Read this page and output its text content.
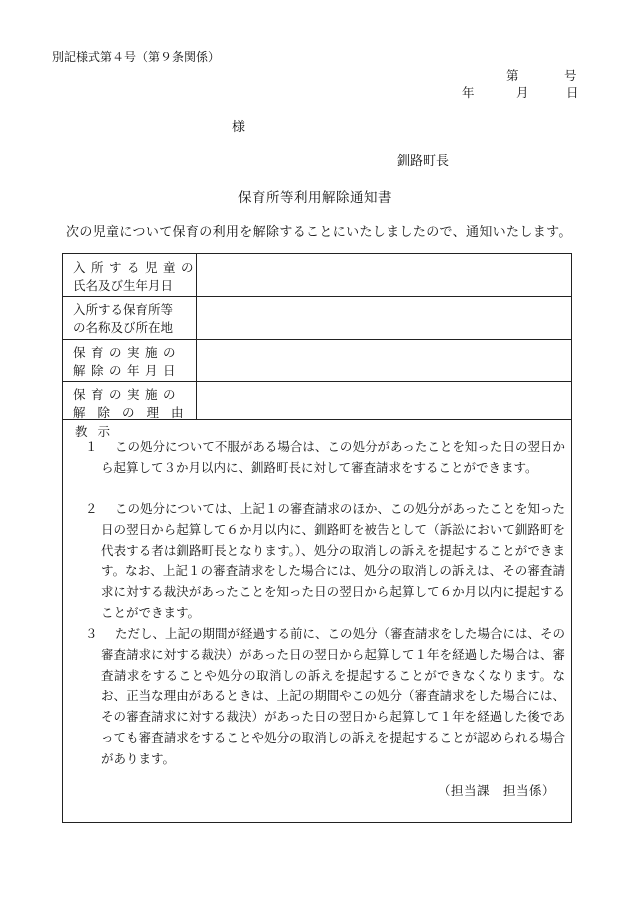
別記様式第４号（第９条関係）
第	号
年	月	日
様
釧路町長
保育所等利用解除通知書
次の児童について保育の利用を解除することにいたしましたので、通知いたします。
入所する児童の
氏名及び生年月日
入所する保育所等
の名称及び所在地
保育の実施の
解除の年月日
保育の実施の
解除の理由
教示
１	この処分について不服がある場合は、この処分があったことを知った日の翌日から起算して３か月以内に、釧路町長に対して審査請求をすることができます。
２	この処分については、上記１の審査請求のほか、この処分があったことを知った日の翌日から起算して６か月以内に、釧路町を被告として（訴訟において釧路町を代表する者は釧路町長となります。）、処分の取消しの訴えを提起することができます。なお、上記１の審査請求をした場合には、処分の取消しの訴えは、その審査請求に対する裁決があったことを知った日の翌日から起算して６か月以内に提起することができます。
３	ただし、上記の期間が経過する前に、この処分（審査請求をした場合には、その審査請求に対する裁決）があった日の翌日から起算して１年を経過した場合は、審査請求をすることや処分の取消しの訴えを提起することができなくなります。なお、正当な理由があるときは、上記の期間やこの処分（審査請求をした場合には、その審査請求に対する裁決）があった日の翌日から起算して１年を経過した後であっても審査請求をすることや処分の取消しの訴えを提起することが認められる場合があります。
（担当課　担当係）
